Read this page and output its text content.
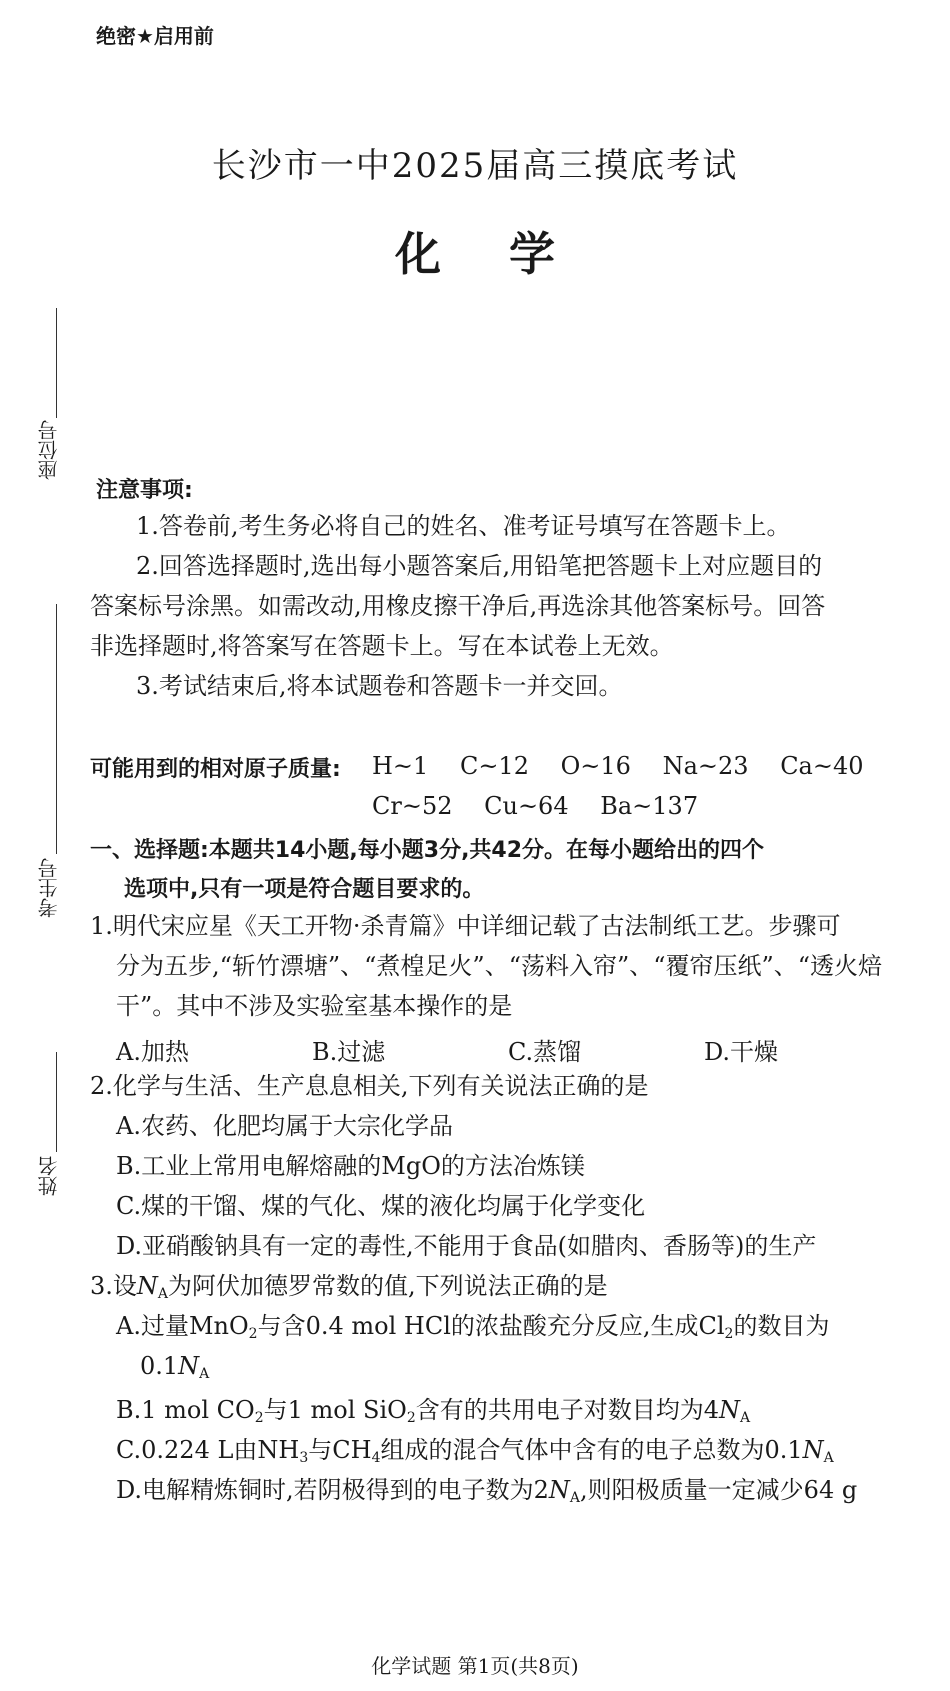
绝密★启用前
长沙市一中2025届高三摸底考试
化学
座位号
考生号
姓名
注意事项:
1.答卷前,考生务必将自己的姓名、准考证号填写在答题卡上。
2.回答选择题时,选出每小题答案后,用铅笔把答题卡上对应题目的
答案标号涂黑。如需改动,用橡皮擦干净后,再选涂其他答案标号。回答
非选择题时,将答案写在答题卡上。写在本试卷上无效。
3.考试结束后,将本试题卷和答题卡一并交回。
可能用到的相对原子质量: H~1 C~12 O~16 Na~23 Ca~40
Cr~52 Cu~64 Ba~137
一、选择题:本题共14小题,每小题3分,共42分。在每小题给出的四个
选项中,只有一项是符合题目要求的。
1.明代宋应星《天工开物·杀青篇》中详细记载了古法制纸工艺。步骤可
分为五步,“斩竹漂塘”、“煮楻足火”、“荡料入帘”、“覆帘压纸”、“透火焙
干”。其中不涉及实验室基本操作的是
A.加热	B.过滤	C.蒸馏	D.干燥
2.化学与生活、生产息息相关,下列有关说法正确的是
A.农药、化肥均属于大宗化学品
B.工业上常用电解熔融的MgO的方法冶炼镁
C.煤的干馏、煤的气化、煤的液化均属于化学变化
D.亚硝酸钠具有一定的毒性,不能用于食品(如腊肉、香肠等)的生产
3.设$N_A$为阿伏加德罗常数的值,下列说法正确的是
A.过量MnO$_2$与含0.4 mol HCl的浓盐酸充分反应,生成$Cl_2$的数目为
$0.1N_A$
B.1 mol $CO_2$与1 mol SiO$_2$含有的共用电子对数目均为$4N_A$
C.0.224 L由$NH_3$与$CH_4$组成的混合气体中含有的电子总数为$0.1N_A$
D.电解精炼铜时,若阴极得到的电子数为$2N_A$,则阳极质量一定减少64 g
化学试题 第1页(共8页)
